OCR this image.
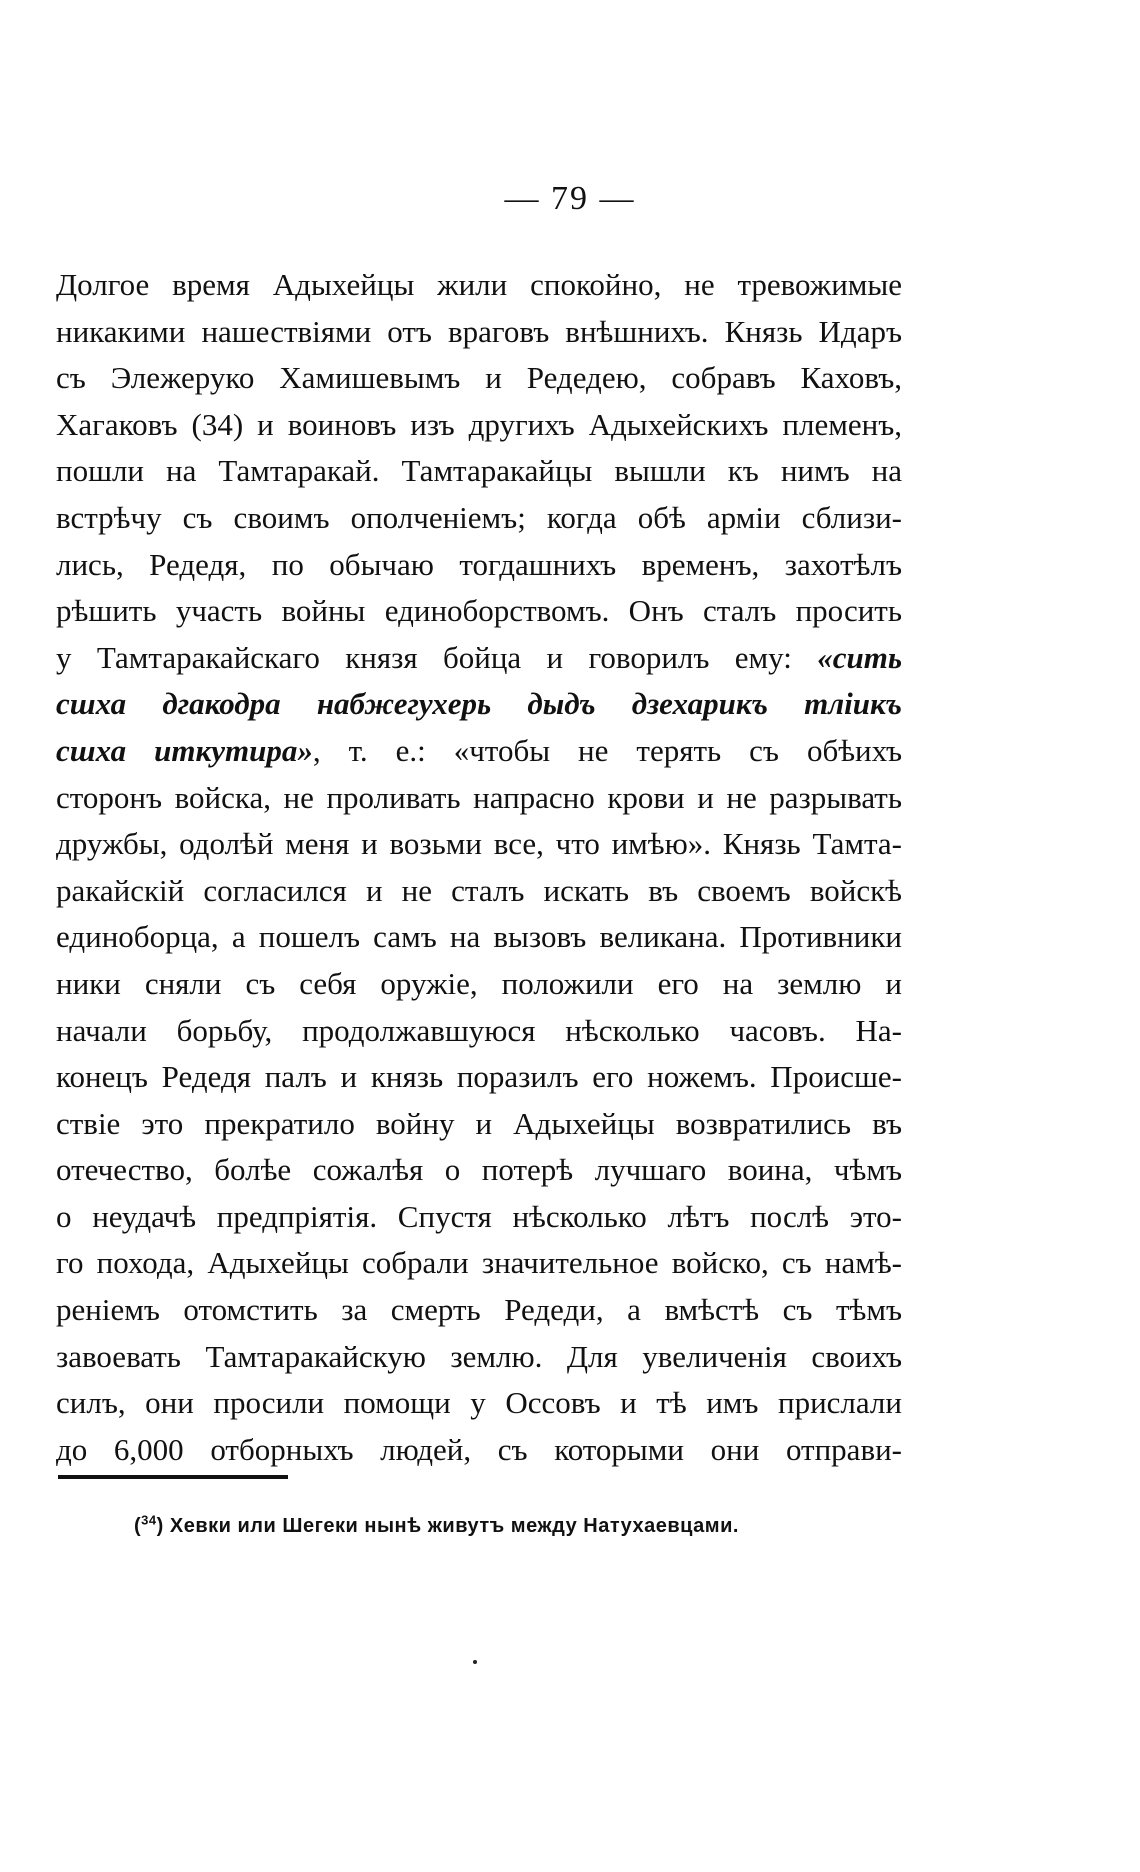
— 79 —
Долгое время Адыхейцы жили спокойно, не тревожимые
никакими нашествіями отъ враговъ внѣшнихъ. Князь Идаръ
съ Элежеруко Хамишевымъ и Редедею, собравъ Каховъ,
Хагаковъ (34) и воиновъ изъ другихъ Адыхейскихъ племенъ,
пошли на Тамтаракай. Тамтаракайцы вышли къ нимъ на
встрѣчу съ своимъ ополченіемъ; когда обѣ арміи сблизи-
лись, Редедя, по обычаю тогдашнихъ временъ, захотѣлъ
рѣшить участь войны единоборствомъ. Онъ сталъ просить
у Тамтаракайскаго князя бойца и говорилъ ему: «сить
сшха дгакодра набжегухерь дыдъ дзехарикъ тліикъ
сшха иткутира», т. е.: «чтобы не терять съ обѣихъ
сторонъ войска, не проливать напрасно крови и не разрывать
дружбы, одолѣй меня и возьми все, что имѣю». Князь Тамта-
ракайскій согласился и не сталъ искать въ своемъ войскѣ
единоборца, а пошелъ самъ на вызовъ великана. Противники
ники сняли съ себя оружіе, положили его на землю и
начали борьбу, продолжавшуюся нѣсколько часовъ. На-
конецъ Редедя палъ и князь поразилъ его ножемъ. Происше-
ствіе это прекратило войну и Адыхейцы возвратились въ
отечество, болѣе сожалѣя о потерѣ лучшаго воина, чѣмъ
о неудачѣ предпріятія. Спустя нѣсколько лѣтъ послѣ это-
го похода, Адыхейцы собрали значительное войско, съ намѣ-
реніемъ отомстить за смерть Редеди, а вмѣстѣ съ тѣмъ
завоевать Тамтаракайскую землю. Для увеличенія своихъ
силъ, они просили помощи у Оссовъ и тѣ имъ прислали
до 6,000 отборныхъ людей, съ которыми они отправи-
($^{34}$) Хевки или Шегеки нынѣ живутъ между Натухаевцами.
